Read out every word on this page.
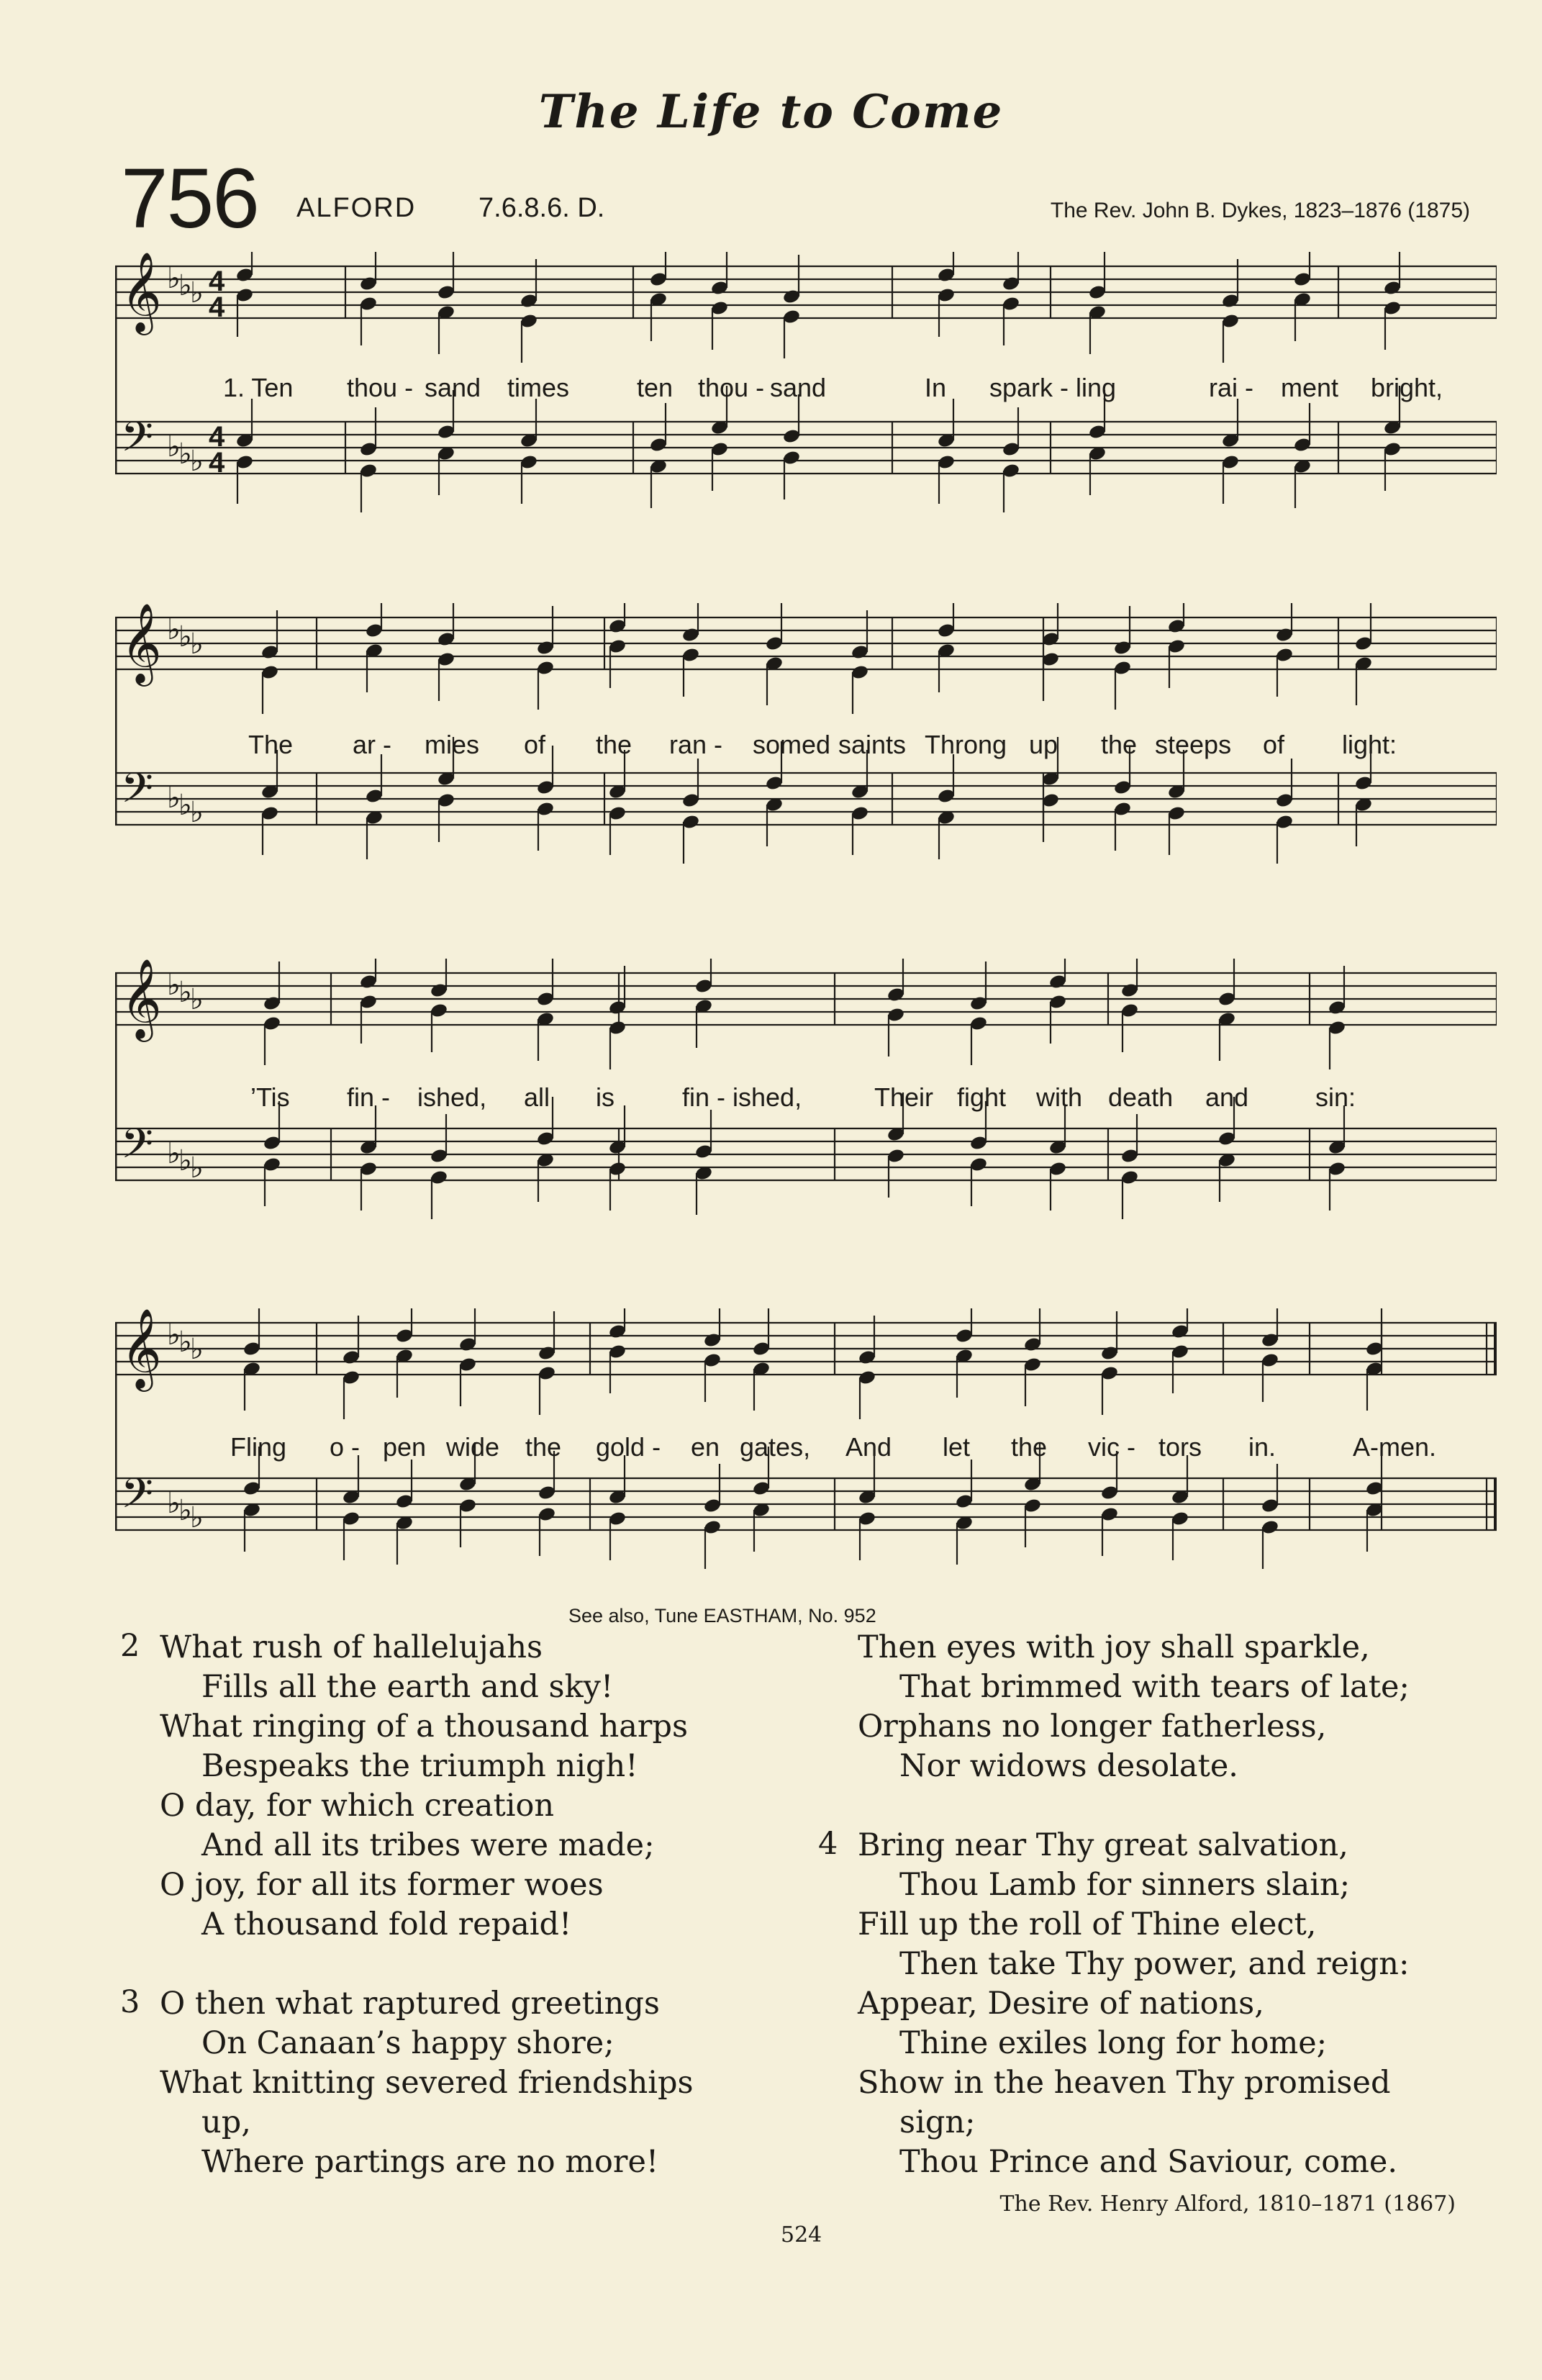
The Life to Come
756 ALFORD 7.6.8.6. D.	The Rev. John B. Dykes, 1823–1876 (1875)
𝄞 ♭
♭
♭ 4
4
𝄢 ♭
♭
♭
4
4
1. Ten thou - sand times	ten thou - sand	In spark - ling	rai - ment bright,
𝄞 ♭
♭
♭
𝄢 ♭
♭
♭
The ar - mies of the ran - somed saints Throng up the steeps of light:
𝄞 ♭
♭
♭
𝄢 ♭
♭
♭
’Tis fin - ished, all is	fin - ished,	Their fight with death and	sin:
𝄞 ♭
♭
♭
𝄢 ♭
♭
♭
Fling o - pen wide the gold - en gates, And let the vic - tors in.	A-men.
See also, Tune EASTHAM, No. 952
2 What rush of hallelujahs
Fills all the earth and sky!
What ringing of a thousand harps
Bespeaks the triumph nigh!
O day, for which creation
And all its tribes were made;
O joy, for all its former woes
A thousand fold repaid!
3 O then what raptured greetings
On Canaan’s happy shore;
What knitting severed friendships
up,
Where partings are no more!
Then eyes with joy shall sparkle,
That brimmed with tears of late;
Orphans no longer fatherless,
Nor widows desolate.
4 Bring near Thy great salvation,
Thou Lamb for sinners slain;
Fill up the roll of Thine elect,
Then take Thy power, and reign:
Appear, Desire of nations,
Thine exiles long for home;
Show in the heaven Thy promised
sign;
Thou Prince and Saviour, come.
The Rev. Henry Alford, 1810–1871 (1867)
524
